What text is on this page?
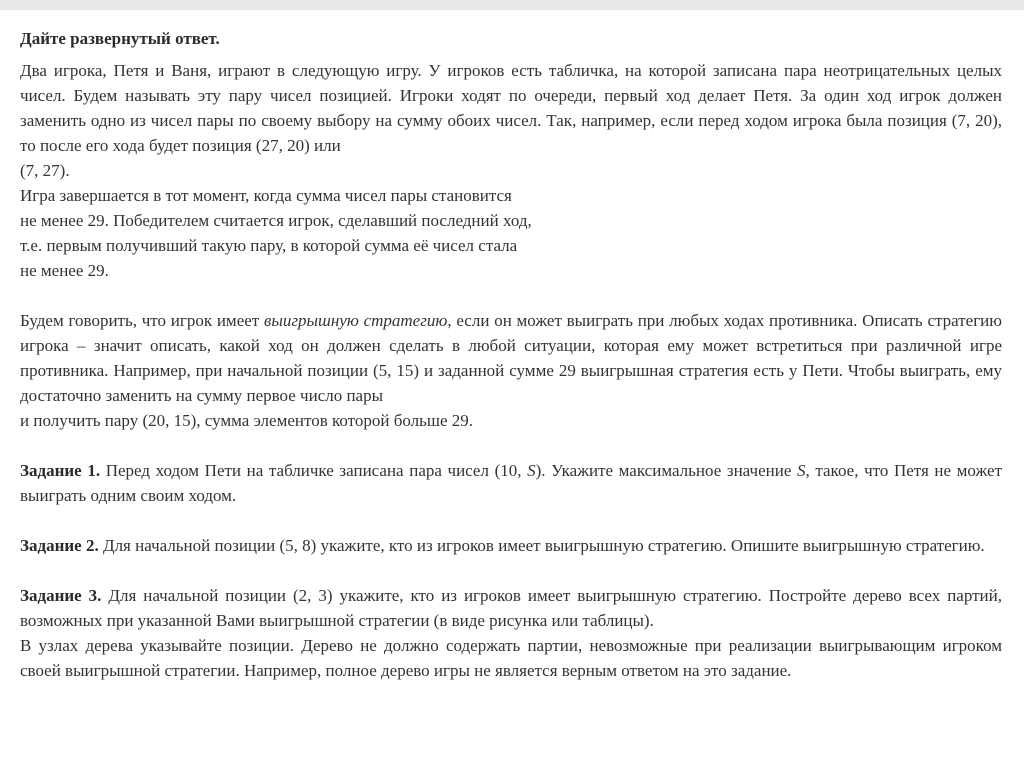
Дайте развернутый ответ.

Два игрока, Петя и Ваня, играют в следующую игру. У игроков есть табличка, на которой записана пара неотрицательных целых чисел. Будем называть эту пару чисел позицией. Игроки ходят по очереди, первый ход делает Петя. За один ход игрок должен заменить одно из чисел пары по своему выбору на сумму обоих чисел. Так, например, если перед ходом игрока была позиция (7, 20), то после его хода будет позиция (27, 20) или

(7, 27).
Игра завершается в тот момент, когда сумма чисел пары становится
не менее 29. Победителем считается игрок, сделавший последний ход,
т.е. первым получивший такую пару, в которой сумма её чисел стала
не менее 29.

Будем говорить, что игрок имеет выигрышную стратегию, если он может выиграть при любых ходах противника. Описать стратегию игрока – значит описать, какой ход он должен сделать в любой ситуации, которая ему может встретиться при различной игре противника. Например, при начальной позиции (5, 15) и заданной сумме 29 выигрышная стратегия есть у Пети. Чтобы выиграть, ему достаточно заменить на сумму первое число пары

и получить пару (20, 15), сумма элементов которой больше 29.

Задание 1. Перед ходом Пети на табличке записана пара чисел (10, S). Укажите максимальное значение S, такое, что Петя не может выиграть одним своим ходом.

Задание 2. Для начальной позиции (5, 8) укажите, кто из игроков имеет выигрышную стратегию. Опишите выигрышную стратегию.

Задание 3. Для начальной позиции (2, 3) укажите, кто из игроков имеет выигрышную стратегию. Постройте дерево всех партий, возможных при указанной Вами выигрышной стратегии (в виде рисунка или таблицы).

В узлах дерева указывайте позиции. Дерево не должно содержать партии, невозможные при реализации выигрывающим игроком своей выигрышной стратегии. Например, полное дерево игры не является верным ответом на это задание.
